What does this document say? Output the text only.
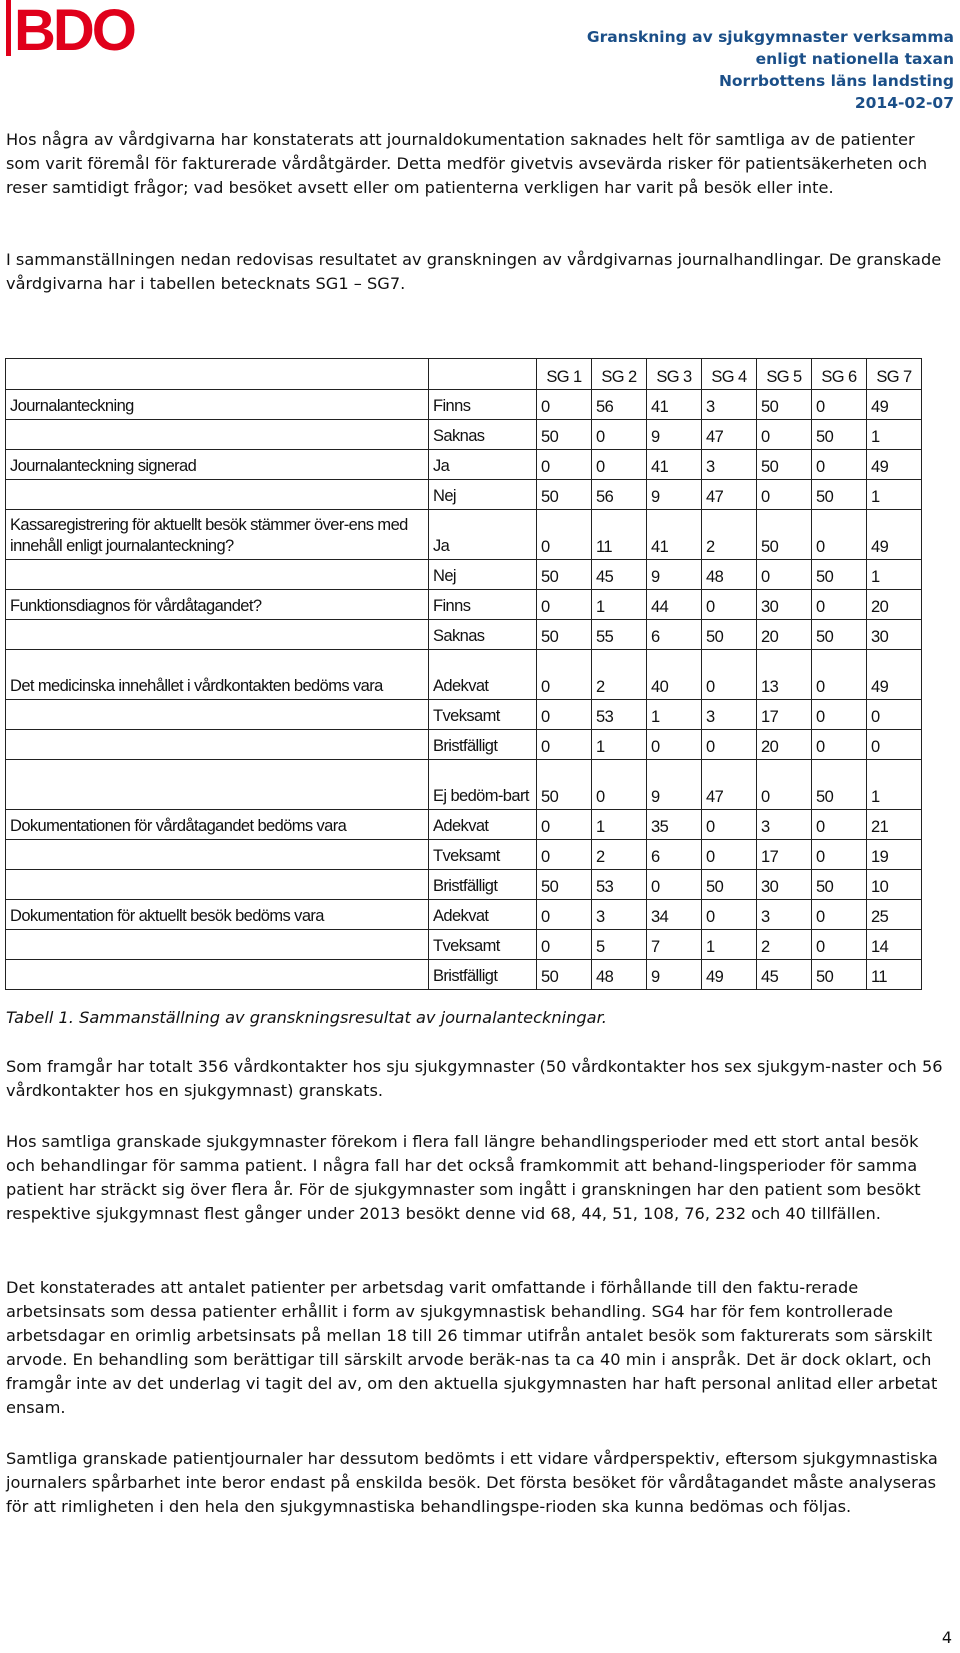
BDO	Granskning av sjukgymnaster verksamma
enligt nationella taxan
Norrbottens läns landsting
2014-02-07

Hos några av vårdgivarna har konstaterats att journaldokumentation saknades helt för samtliga av de patienter som varit föremål för fakturerade vårdåtgärder. Detta medför givetvis avsevärda risker för patientsäkerheten och reser samtidigt frågor; vad besöket avsett eller om patienterna verkligen har varit på besök eller inte.

I sammanställningen nedan redovisas resultatet av granskningen av vårdgivarnas journalhandlingar. De granskade vårdgivarna har i tabellen betecknats SG1 – SG7.

		SG 1	SG 2	SG 3	SG 4	SG 5	SG 6	SG 7
Journalanteckning	Finns	0	56	41	3	50	0	49
	Saknas	50	0	9	47	0	50	1
Journalanteckning signerad	Ja	0	0	41	3	50	0	49
	Nej	50	56	9	47	0	50	1
Kassaregistrering för aktuellt besök stämmer över-ens med innehåll enligt journalanteckning?	Ja	0	11	41	2	50	0	49
	Nej	50	45	9	48	0	50	1
Funktionsdiagnos för vårdåtagandet?	Finns	0	1	44	0	30	0	20
	Saknas	50	55	6	50	20	50	30
Det medicinska innehållet i vårdkontakten bedöms vara	Adekvat	0	2	40	0	13	0	49
	Tveksamt	0	53	1	3	17	0	0
	Bristfälligt	0	1	0	0	20	0	0
	Ej bedöm-bart	50	0	9	47	0	50	1
Dokumentationen för vårdåtagandet bedöms vara	Adekvat	0	1	35	0	3	0	21
	Tveksamt	0	2	6	0	17	0	19
	Bristfälligt	50	53	0	50	30	50	10
Dokumentation för aktuellt besök bedöms vara	Adekvat	0	3	34	0	3	0	25
	Tveksamt	0	5	7	1	2	0	14
	Bristfälligt	50	48	9	49	45	50	11
Tabell 1. Sammanställning av granskningsresultat av journalanteckningar.

Som framgår har totalt 356 vårdkontakter hos sju sjukgymnaster (50 vårdkontakter hos sex sjukgym-naster och 56 vårdkontakter hos en sjukgymnast) granskats.

Hos samtliga granskade sjukgymnaster förekom i flera fall längre behandlingsperioder med ett stort antal besök och behandlingar för samma patient. I några fall har det också framkommit att behand-lingsperioder för samma patient har sträckt sig över flera år. För de sjukgymnaster som ingått i granskningen har den patient som besökt respektive sjukgymnast flest gånger under 2013 besökt denne vid 68, 44, 51, 108, 76, 232 och 40 tillfällen.

Det konstaterades att antalet patienter per arbetsdag varit omfattande i förhållande till den faktu-rerade arbetsinsats som dessa patienter erhållit i form av sjukgymnastisk behandling. SG4 har för fem kontrollerade arbetsdagar en orimlig arbetsinsats på mellan 18 till 26 timmar utifrån antalet besök som fakturerats som särskilt arvode. En behandling som berättigar till särskilt arvode beräk-nas ta ca 40 min i anspråk. Det är dock oklart, och framgår inte av det underlag vi tagit del av, om den aktuella sjukgymnasten har haft personal anlitad eller arbetat ensam.

Samtliga granskade patientjournaler har dessutom bedömts i ett vidare vårdperspektiv, eftersom sjukgymnastiska journalers spårbarhet inte beror endast på enskilda besök. Det första besöket för vårdåtagandet måste analyseras för att rimligheten i den hela den sjukgymnastiska behandlingspe-rioden ska kunna bedömas och följas.

4
